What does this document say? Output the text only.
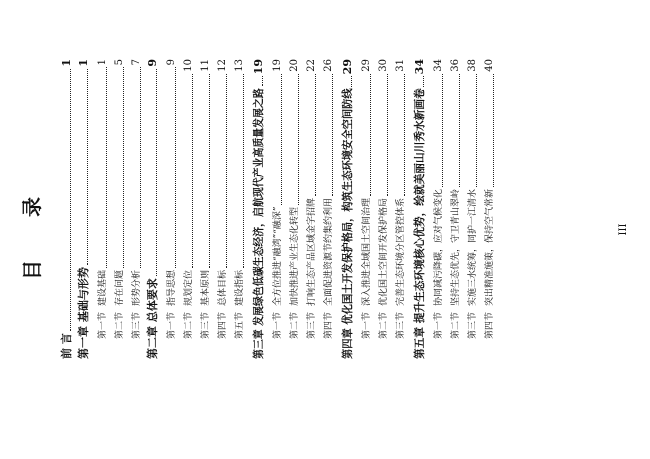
目 录
前 言
1
第一章 基础与形势
1
第一节建设基础
1
第二节存在问题
5
第三节形势分析
7
第二章 总体要求
9
第一节指导思想
9
第二节规划定位
10
第三节基本原则
11
第四节总体目标
12
第五节建设指标
13
第三章 发展绿色低碳生态经济，启航现代产业高质量发展之路
19
第一节全方位推进“融湾”“融深”
19
第二节加快推进产业生态化转型
20
第三节打响生态产品区域金字招牌
22
第四节全面促进资源节约集约利用
26
第四章 优化国土开发保护格局，构筑生态环境安全空间防线
29
第一节深入推进全域国土空间治理
29
第二节优化国土空间开发保护格局
30
第三节完善生态环境分区管控体系
31
第五章 提升生态环境核心优势，绘就美丽山川秀水新画卷
34
第一节协同减污降碳，应对气候变化
34
第二节坚持生态优先，守卫青山翠岭
36
第三节实施三水统筹，同护一江清水
38
第四节突出精准施策，保持空气常新
40
III
